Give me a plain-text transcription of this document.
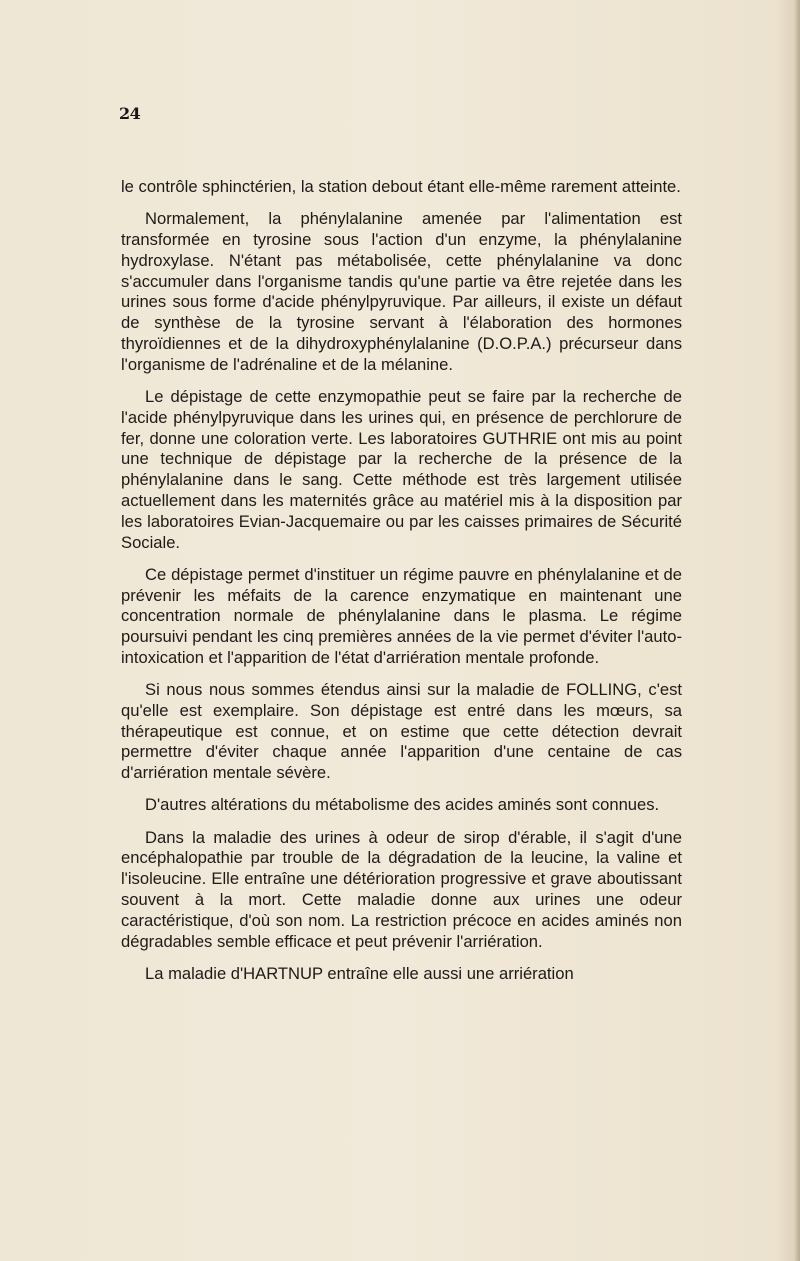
24

le contrôle sphinctérien, la station debout étant elle-même rarement atteinte.

Normalement, la phénylalanine amenée par l'alimentation est transformée en tyrosine sous l'action d'un enzyme, la phénylalanine hydroxylase. N'étant pas métabolisée, cette phénylalanine va donc s'accumuler dans l'organisme tandis qu'une partie va être rejetée dans les urines sous forme d'acide phénylpyruvique. Par ailleurs, il existe un défaut de synthèse de la tyrosine servant à l'élaboration des hormones thyroïdiennes et de la dihydroxyphénylalanine (D.O.P.A.) précurseur dans l'organisme de l'adrénaline et de la mélanine.

Le dépistage de cette enzymopathie peut se faire par la recherche de l'acide phénylpyruvique dans les urines qui, en présence de perchlorure de fer, donne une coloration verte. Les laboratoires GUTHRIE ont mis au point une technique de dépistage par la recherche de la présence de la phénylalanine dans le sang. Cette méthode est très largement utilisée actuellement dans les maternités grâce au matériel mis à la disposition par les laboratoires Evian-Jacquemaire ou par les caisses primaires de Sécurité Sociale.

Ce dépistage permet d'instituer un régime pauvre en phénylalanine et de prévenir les méfaits de la carence enzymatique en maintenant une concentration normale de phénylalanine dans le plasma. Le régime poursuivi pendant les cinq premières années de la vie permet d'éviter l'auto-intoxication et l'apparition de l'état d'arriération mentale profonde.

Si nous nous sommes étendus ainsi sur la maladie de FOLLING, c'est qu'elle est exemplaire. Son dépistage est entré dans les mœurs, sa thérapeutique est connue, et on estime que cette détection devrait permettre d'éviter chaque année l'apparition d'une centaine de cas d'arriération mentale sévère.

D'autres altérations du métabolisme des acides aminés sont connues.

Dans la maladie des urines à odeur de sirop d'érable, il s'agit d'une encéphalopathie par trouble de la dégradation de la leucine, la valine et l'isoleucine. Elle entraîne une détérioration progressive et grave aboutissant souvent à la mort. Cette maladie donne aux urines une odeur caractéristique, d'où son nom. La restriction précoce en acides aminés non dégradables semble efficace et peut prévenir l'arriération.

La maladie d'HARTNUP entraîne elle aussi une arriération
